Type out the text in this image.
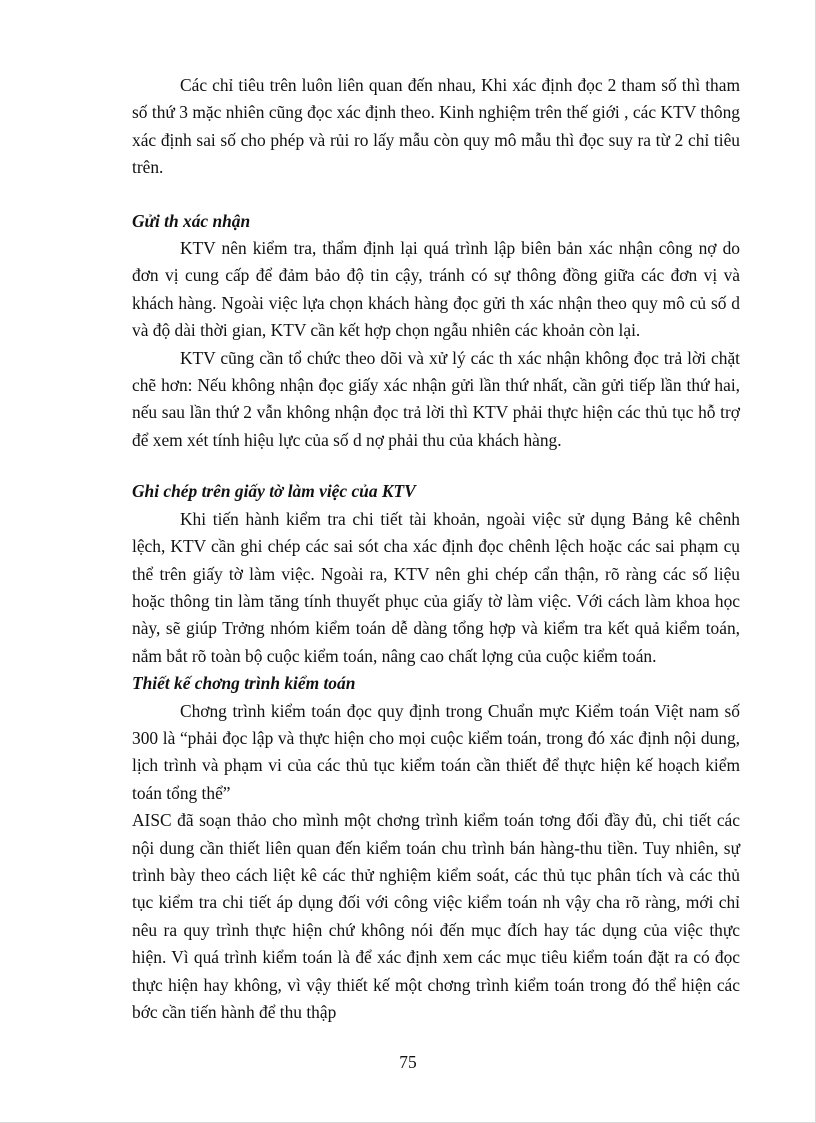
Các chỉ tiêu trên luôn liên quan đến nhau, Khi xác định đọc 2 tham số thì tham số thứ 3 mặc nhiên cũng đọc xác định theo. Kinh nghiệm trên thế giới , các KTV thông xác định sai số cho phép và rủi ro lấy mẫu còn quy mô mẫu thì đọc suy ra từ 2 chỉ tiêu trên.

Gửi th xác nhận

KTV nên kiểm tra, thẩm định lại quá trình lập biên bản xác nhận công nợ do đơn vị cung cấp để đảm bảo độ tin cậy, tránh có sự thông đồng giữa các đơn vị và khách hàng. Ngoài việc lựa chọn khách hàng đọc gửi th xác nhận theo quy mô củ số d và độ dài thời gian, KTV cần kết hợp chọn ngẫu nhiên các khoản còn lại.

KTV cũng cần tổ chức theo dõi và xử lý các th xác nhận không đọc trả lời chặt chẽ hơn: Nếu không nhận đọc giấy xác nhận gửi lần thứ nhất, cần gửi tiếp lần thứ hai, nếu sau lần thứ 2 vẫn không nhận đọc trả lời thì KTV phải thực hiện các thủ tục hỗ trợ để xem xét tính hiệu lực của số d nợ phải thu của khách hàng.

Ghi chép trên giấy tờ làm việc của KTV

Khi tiến hành kiểm tra chi tiết tài khoản, ngoài việc sử dụng Bảng kê chênh lệch, KTV cần ghi chép các sai sót cha xác định đọc chênh lệch hoặc các sai phạm cụ thể trên giấy tờ làm việc. Ngoài ra, KTV nên ghi chép cẩn thận, rõ ràng các số liệu hoặc thông tin làm tăng tính thuyết phục của giấy tờ làm việc. Với cách làm khoa học này, sẽ giúp Trởng nhóm kiểm toán dễ dàng tổng hợp và kiểm tra kết quả kiểm toán, nắm bắt rõ toàn bộ cuộc kiểm toán, nâng cao chất lợng của cuộc kiểm toán.

Thiết kế chơng trình kiểm toán

Chơng trình kiểm toán đọc quy định trong Chuẩn mực Kiểm toán Việt nam số 300 là “phải đọc lập và thực hiện cho mọi cuộc kiểm toán, trong đó xác định nội dung, lịch trình và phạm vi của các thủ tục kiểm toán cần thiết để thực hiện kế hoạch kiểm toán tổng thể”

AISC đã soạn thảo cho mình một chơng trình kiểm toán tơng đối đầy đủ, chi tiết các nội dung cần thiết liên quan đến kiểm toán chu trình bán hàng-thu tiền. Tuy nhiên, sự trình bày theo cách liệt kê các thử nghiệm kiểm soát, các thủ tục phân tích và các thủ tục kiểm tra chi tiết áp dụng đối với công việc kiểm toán nh vậy cha rõ ràng, mới chỉ nêu ra quy trình thực hiện chứ không nói đến mục đích hay tác dụng của việc thực hiện. Vì quá trình kiểm toán là để xác định xem các mục tiêu kiểm toán đặt ra có đọc thực hiện hay không, vì vậy thiết kế một chơng trình kiểm toán trong đó thể hiện các bớc cần tiến hành để thu thập

75
